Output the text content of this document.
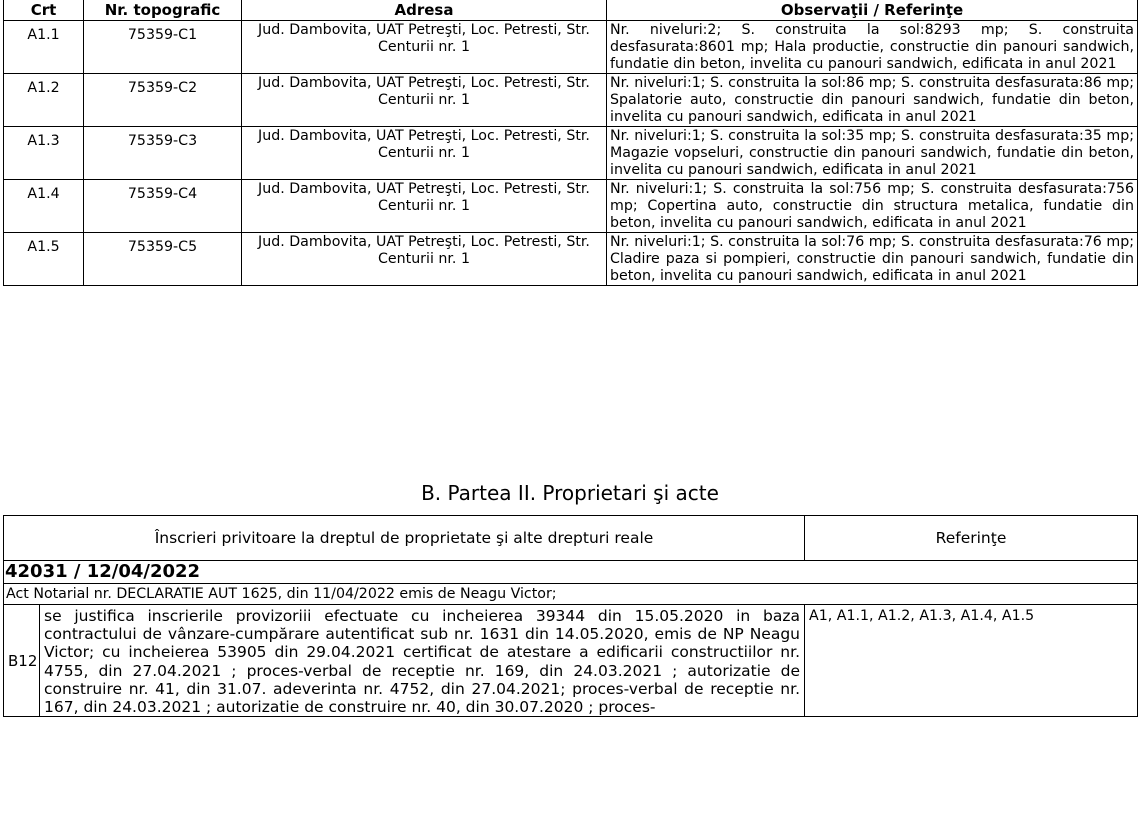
Crt	Nr. topografic	Adresa	Observaţii / Referinţe
A1.1	75359-C1	Jud. Dambovita, UAT Petreşti, Loc. Petresti, Str. Centurii nr. 1	Nr. niveluri:2; S. construita la sol:8293 mp; S. construita desfasurata:8601 mp; Hala productie, constructie din panouri sandwich, fundatie din beton, invelita cu panouri sandwich, edificata in anul 2021
A1.2	75359-C2	Jud. Dambovita, UAT Petreşti, Loc. Petresti, Str. Centurii nr. 1	Nr. niveluri:1; S. construita la sol:86 mp; S. construita desfasurata:86 mp; Spalatorie auto, constructie din panouri sandwich, fundatie din beton, invelita cu panouri sandwich, edificata in anul 2021
A1.3	75359-C3	Jud. Dambovita, UAT Petreşti, Loc. Petresti, Str. Centurii nr. 1	Nr. niveluri:1; S. construita la sol:35 mp; S. construita desfasurata:35 mp; Magazie vopseluri, constructie din panouri sandwich, fundatie din beton, invelita cu panouri sandwich, edificata in anul 2021
A1.4	75359-C4	Jud. Dambovita, UAT Petreşti, Loc. Petresti, Str. Centurii nr. 1	Nr. niveluri:1; S. construita la sol:756 mp; S. construita desfasurata:756 mp; Copertina auto, constructie din structura metalica, fundatie din beton, invelita cu panouri sandwich, edificata in anul 2021
A1.5	75359-C5	Jud. Dambovita, UAT Petreşti, Loc. Petresti, Str. Centurii nr. 1	Nr. niveluri:1; S. construita la sol:76 mp; S. construita desfasurata:76 mp; Cladire paza si pompieri, constructie din panouri sandwich, fundatie din beton, invelita cu panouri sandwich, edificata in anul 2021
B. Partea II. Proprietari şi acte
Înscrieri privitoare la dreptul de proprietate şi alte drepturi reale		Referinţe
42031 / 12/04/2022		
Act Notarial nr. DECLARATIE AUT 1625, din 11/04/2022 emis de Neagu Victor;		
B12	se justifica inscrierile provizoriii efectuate cu incheierea 39344 din 15.05.2020 in baza contractului de vânzare-cumpărare autentificat sub nr. 1631 din 14.05.2020, emis de NP Neagu Victor; cu incheierea 53905 din 29.04.2021 certificat de atestare a edificarii constructiilor nr. 4755, din 27.04.2021 ; proces-verbal de receptie nr. 169, din 24.03.2021 ; autorizatie de construire nr. 41, din 31.07. adeverinta nr. 4752, din 27.04.2021; proces-verbal de receptie nr. 167, din 24.03.2021 ; autorizatie de construire nr. 40, din 30.07.2020 ; proces-	A1, A1.1, A1.2, A1.3, A1.4, A1.5
